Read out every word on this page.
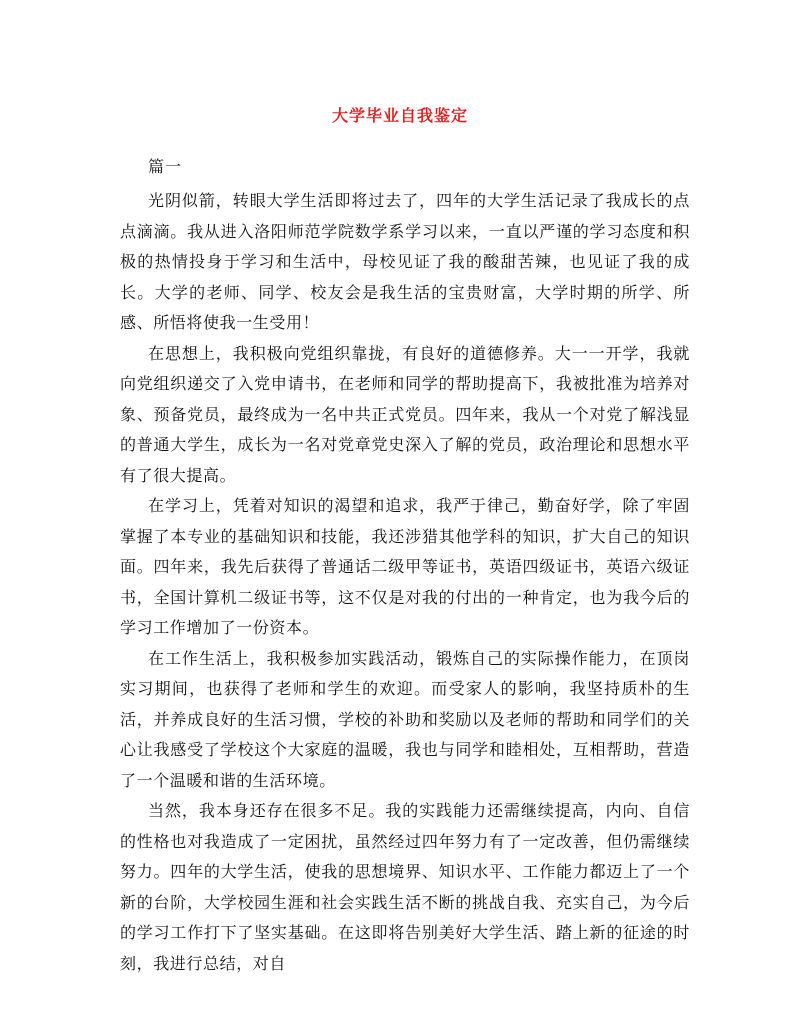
大学毕业自我鉴定
篇一

光阴似箭，转眼大学生活即将过去了，四年的大学生活记录了我成长的点点滴滴。我从进入洛阳师范学院数学系学习以来，一直以严谨的学习态度和积极的热情投身于学习和生活中，母校见证了我的酸甜苦辣，也见证了我的成长。大学的老师、同学、校友会是我生活的宝贵财富，大学时期的所学、所感、所悟将使我一生受用！

在思想上，我积极向党组织靠拢，有良好的道德修养。大一一开学，我就向党组织递交了入党申请书，在老师和同学的帮助提高下，我被批准为培养对象、预备党员，最终成为一名中共正式党员。四年来，我从一个对党了解浅显的普通大学生，成长为一名对党章党史深入了解的党员，政治理论和思想水平有了很大提高。

在学习上，凭着对知识的渴望和追求，我严于律己，勤奋好学，除了牢固掌握了本专业的基础知识和技能，我还涉猎其他学科的知识，扩大自己的知识面。四年来，我先后获得了普通话二级甲等证书，英语四级证书，英语六级证书，全国计算机二级证书等，这不仅是对我的付出的一种肯定，也为我今后的学习工作增加了一份资本。

在工作生活上，我积极参加实践活动，锻炼自己的实际操作能力，在顶岗实习期间，也获得了老师和学生的欢迎。而受家人的影响，我坚持质朴的生活，并养成良好的生活习惯，学校的补助和奖励以及老师的帮助和同学们的关心让我感受了学校这个大家庭的温暖，我也与同学和睦相处，互相帮助，营造了一个温暖和谐的生活环境。

当然，我本身还存在很多不足。我的实践能力还需继续提高，内向、自信的性格也对我造成了一定困扰，虽然经过四年努力有了一定改善，但仍需继续努力。四年的大学生活，使我的思想境界、知识水平、工作能力都迈上了一个新的台阶，大学校园生涯和社会实践生活不断的挑战自我、充实自己，为今后的学习工作打下了坚实基础。在这即将告别美好大学生活、踏上新的征途的时刻，我进行总结，对自
